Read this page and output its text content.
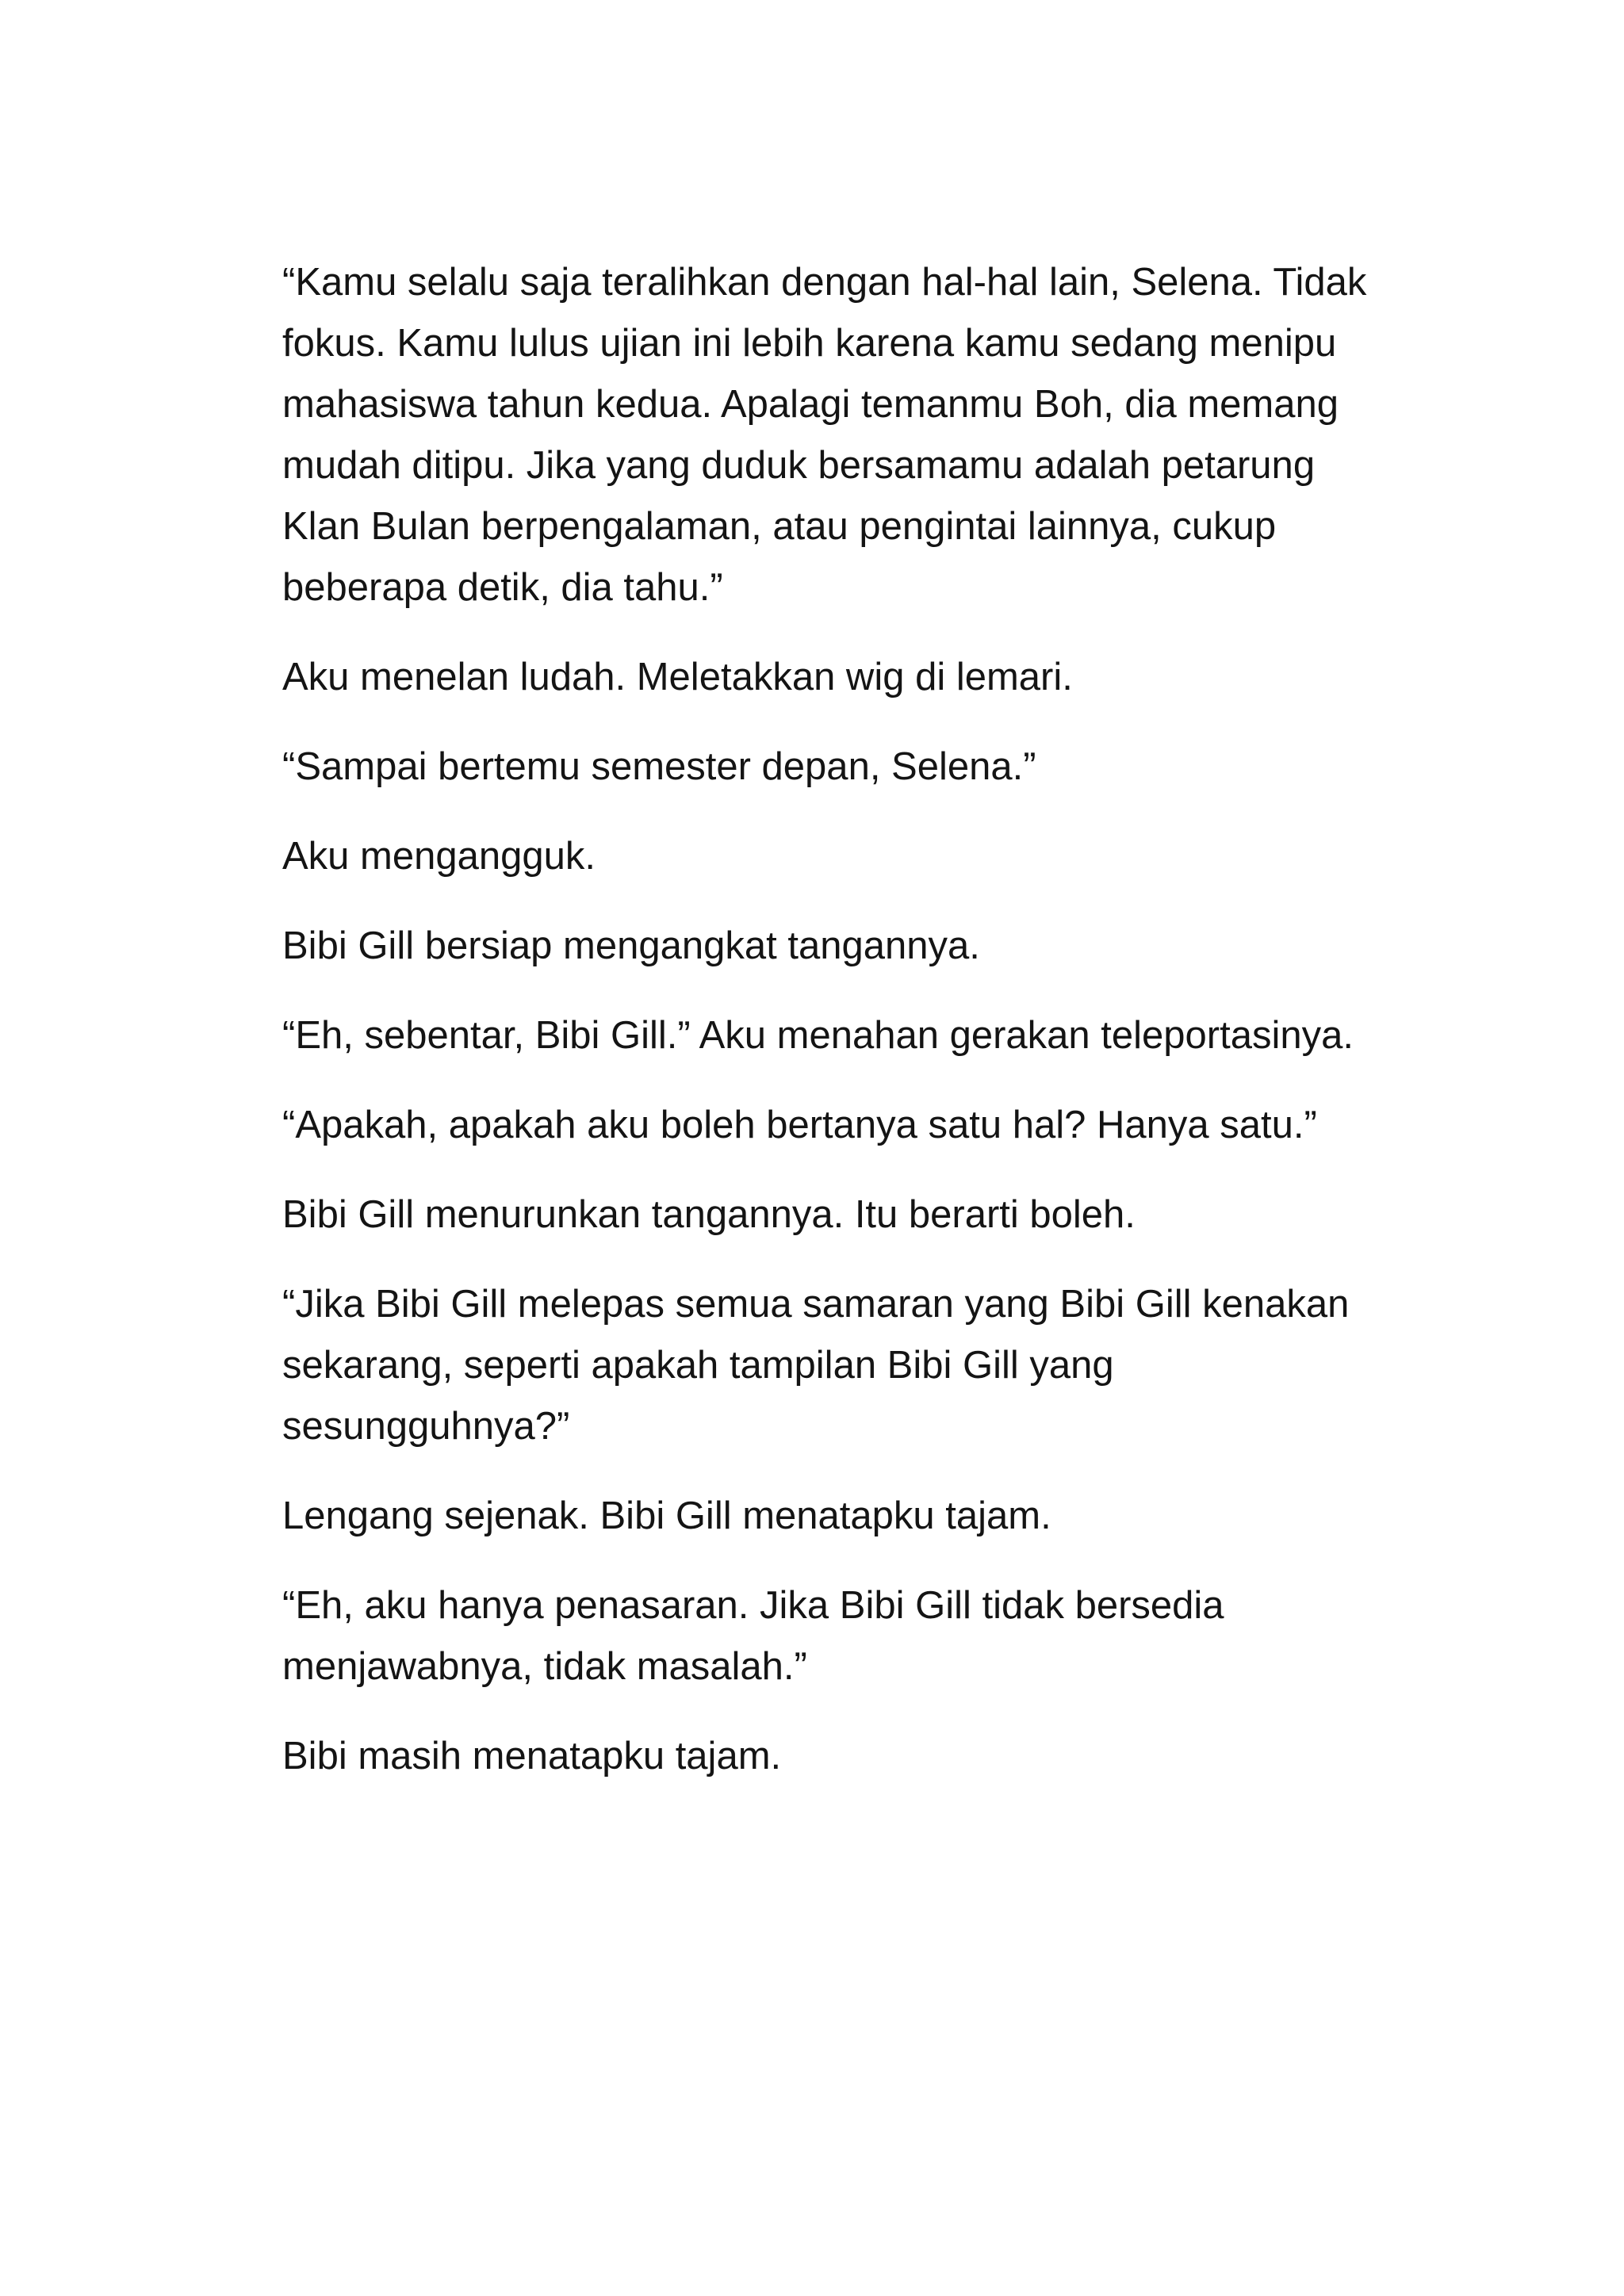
“Kamu selalu saja teralihkan dengan hal-hal lain, Selena. Tidak fokus. Kamu lulus ujian ini lebih karena kamu sedang menipu mahasiswa tahun kedua. Apalagi temanmu Boh, dia memang mudah ditipu. Jika yang duduk bersamamu adalah petarung Klan Bulan berpengalaman, atau pengintai lainnya, cukup beberapa detik, dia tahu.”

Aku menelan ludah. Meletakkan wig di lemari.

“Sampai bertemu semester depan, Selena.”

Aku mengangguk.

Bibi Gill bersiap mengangkat tangannya.

“Eh, sebentar, Bibi Gill.” Aku menahan gerakan teleportasinya.

“Apakah, apakah aku boleh bertanya satu hal? Hanya satu.”

Bibi Gill menurunkan tangannya. Itu berarti boleh.

“Jika Bibi Gill melepas semua samaran yang Bibi Gill kenakan sekarang, seperti apakah tampilan Bibi Gill yang sesungguhnya?”

Lengang sejenak. Bibi Gill menatapku tajam.

“Eh, aku hanya penasaran. Jika Bibi Gill tidak bersedia menjawabnya, tidak masalah.”

Bibi masih menatapku tajam.
